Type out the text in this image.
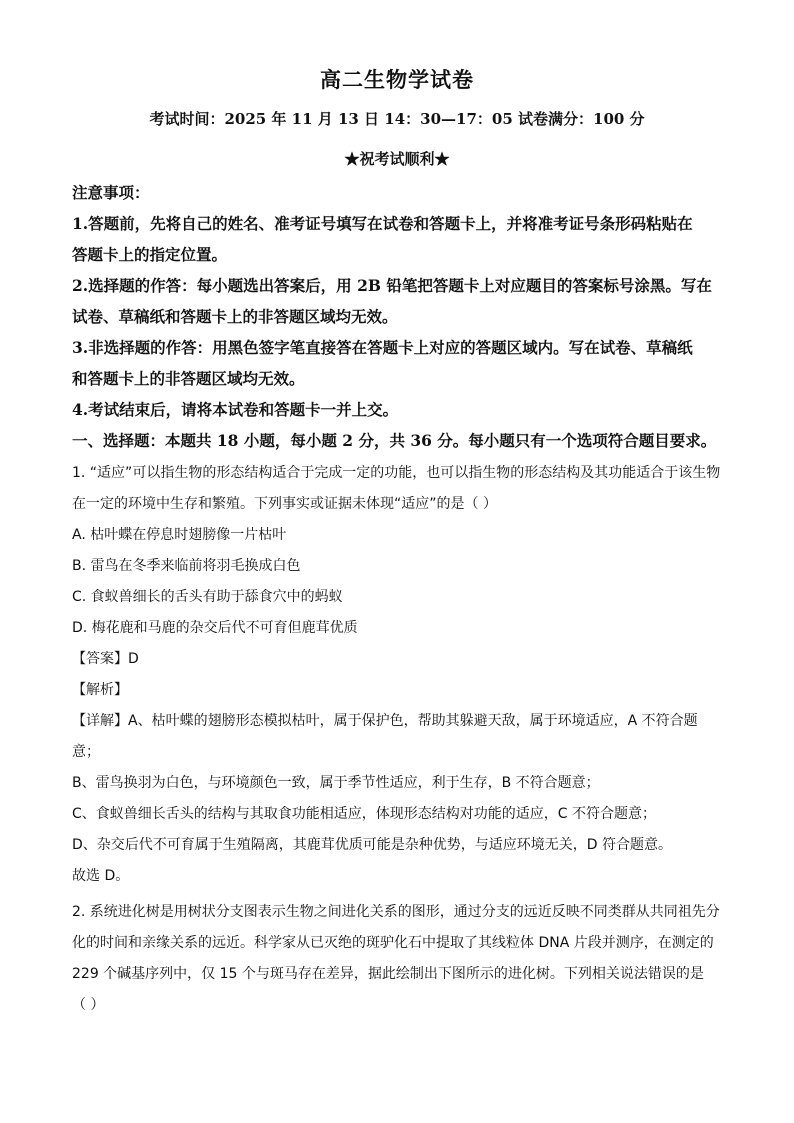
高二生物学试卷
考试时间：2025 年 11 月 13 日 14：30—17：05 试卷满分：100 分
★祝考试顺利★
注意事项：
1.答题前，先将自己的姓名、准考证号填写在试卷和答题卡上，并将准考证号条形码粘贴在
答题卡上的指定位置。
2.选择题的作答：每小题选出答案后，用 2B 铅笔把答题卡上对应题目的答案标号涂黑。写在
试卷、草稿纸和答题卡上的非答题区域均无效。
3.非选择题的作答：用黑色签字笔直接答在答题卡上对应的答题区域内。写在试卷、草稿纸
和答题卡上的非答题区域均无效。
4.考试结束后，请将本试卷和答题卡一并上交。
一、选择题：本题共 18 小题，每小题 2 分，共 36 分。每小题只有一个选项符合题目要求。
1. “适应”可以指生物的形态结构适合于完成一定的功能，也可以指生物的形态结构及其功能适合于该生物
在一定的环境中生存和繁殖。下列事实或证据未体现“适应”的是（ ）
A. 枯叶蝶在停息时翅膀像一片枯叶
B. 雷鸟在冬季来临前将羽毛换成白色
C. 食蚁兽细长的舌头有助于舔食穴中的蚂蚁
D. 梅花鹿和马鹿的杂交后代不可育但鹿茸优质
【答案】D
【解析】
【详解】A、枯叶蝶的翅膀形态模拟枯叶，属于保护色，帮助其躲避天敌，属于环境适应，A 不符合题
意；
B、雷鸟换羽为白色，与环境颜色一致，属于季节性适应，利于生存，B 不符合题意；
C、食蚁兽细长舌头的结构与其取食功能相适应，体现形态结构对功能的适应，C 不符合题意；
D、杂交后代不可育属于生殖隔离，其鹿茸优质可能是杂种优势，与适应环境无关，D 符合题意。
故选 D。
2. 系统进化树是用树状分支图表示生物之间进化关系的图形，通过分支的远近反映不同类群从共同祖先分
化的时间和亲缘关系的远近。科学家从已灭绝的斑驴化石中提取了其线粒体 DNA 片段并测序，在测定的
229 个碱基序列中，仅 15 个与斑马存在差异，据此绘制出下图所示的进化树。下列相关说法错误的是
（ ）
